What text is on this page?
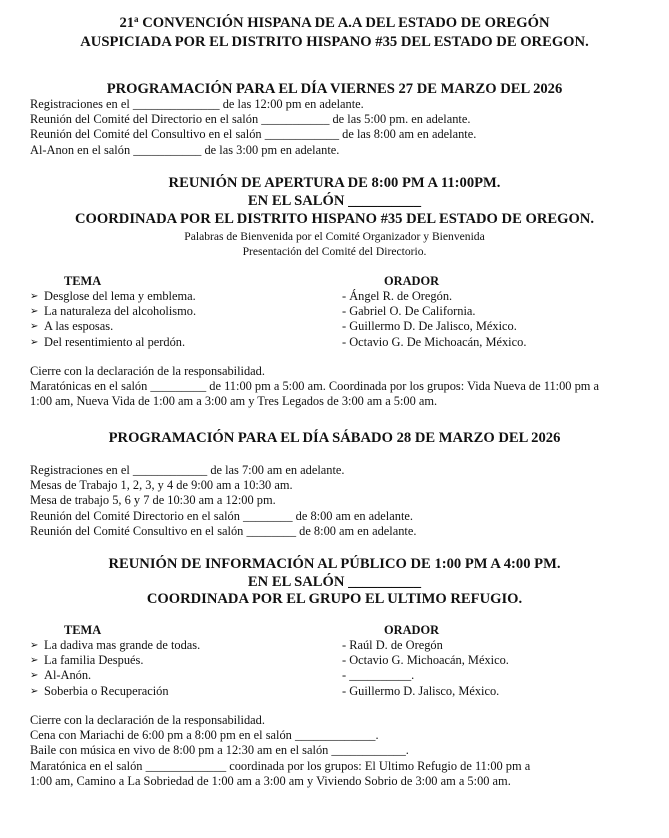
21$^a$ CONVENCIÓN HISPANA DE A.A DEL ESTADO DE OREGÓN
AUSPICIADA POR EL DISTRITO HISPANO #35 DEL ESTADO DE OREGON.
PROGRAMACIÓN PARA EL DÍA VIERNES 27 DE MARZO DEL 2026
Registraciones en el ______________ de las 12:00 pm en adelante.
Reunión del Comité del Directorio en el salón ___________ de las 5:00 pm. en adelante.
Reunión del Comité del Consultivo en el salón ____________ de las 8:00 am en adelante.
Al-Anon en el salón ___________ de las 3:00 pm en adelante.
REUNIÓN DE APERTURA DE 8:00 PM A 11:00PM.
EN EL SALÓN __________
COORDINADA POR EL DISTRITO HISPANO #35 DEL ESTADO DE OREGON.
Palabras de Bienvenida por el Comité Organizador y Bienvenida
Presentación del Comité del Directorio.
TEMA
➢ Desglose del lema y emblema.
➢ La naturaleza del alcoholismo.
➢ A las esposas.
➢ Del resentimiento al perdón.
ORADOR
- Ángel R. de Oregón.
- Gabriel O. De California.
- Guillermo D. De Jalisco, México.
- Octavio G. De Michoacán, México.
Cierre con la declaración de la responsabilidad.
Maratónicas en el salón _________ de 11:00 pm a 5:00 am. Coordinada por los grupos: Vida Nueva de 11:00 pm a
1:00 am, Nueva Vida de 1:00 am a 3:00 am y Tres Legados de 3:00 am a 5:00 am.
PROGRAMACIÓN PARA EL DÍA SÁBADO 28 DE MARZO DEL 2026
Registraciones en el ____________ de las 7:00 am en adelante.
Mesas de Trabajo 1, 2, 3, y 4 de 9:00 am a 10:30 am.
Mesa de trabajo 5, 6 y 7 de 10:30 am a 12:00 pm.
Reunión del Comité Directorio en el salón ________ de 8:00 am en adelante.
Reunión del Comité Consultivo en el salón ________ de 8:00 am en adelante.
REUNIÓN DE INFORMACIÓN AL PÚBLICO DE 1:00 PM A 4:00 PM.
EN EL SALÓN __________
COORDINADA POR EL GRUPO EL ULTIMO REFUGIO.
TEMA
➢ La dadiva mas grande de todas.
➢ La familia Después.
➢ Al-Anón.
➢ Soberbia o Recuperación
ORADOR
- Raúl D. de Oregón
- Octavio G. Michoacán, México.
- __________.
- Guillermo D. Jalisco, México.
Cierre con la declaración de la responsabilidad.
Cena con Mariachi de 6:00 pm a 8:00 pm en el salón _____________.
Baile con música en vivo de 8:00 pm a 12:30 am en el salón ____________.
Maratónica en el salón _____________ coordinada por los grupos: El Ultimo Refugio de 11:00 pm a
1:00 am, Camino a La Sobriedad de 1:00 am a 3:00 am y Viviendo Sobrio de 3:00 am a 5:00 am.
